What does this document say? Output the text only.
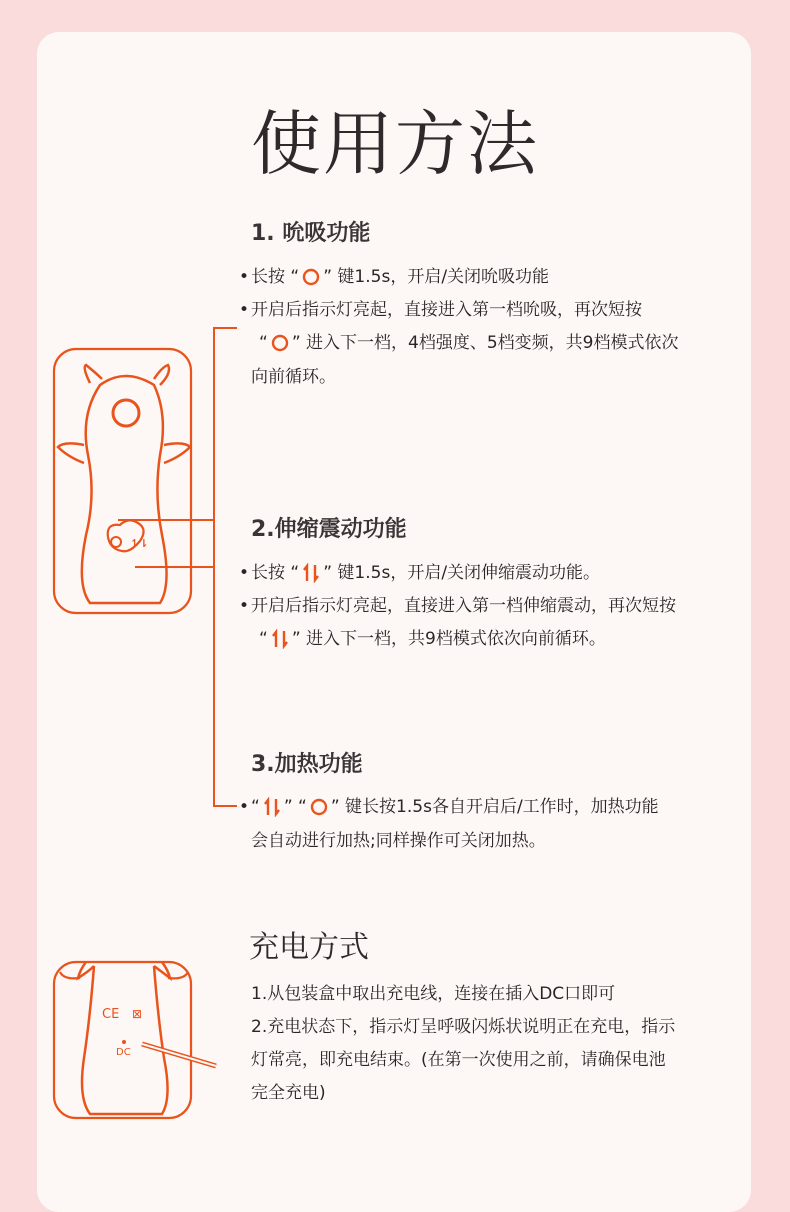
使用方法
↿⇂
1. 吮吸功能
• 长按 “ ” 键1.5s，开启/关闭吮吸功能
• 开启后指示灯亮起，直接进入第一档吮吸，再次短按
“ ” 进入下一档，4档强度、5档变频，共9档模式依次
向前循环。
2.伸缩震动功能
• 长按 “ ” 键1.5s，开启/关闭伸缩震动功能。
• 开启后指示灯亮起，直接进入第一档伸缩震动，再次短按
“ ” 进入下一档，共9档模式依次向前循环。
3.加热功能
• “ ” “ ” 键长按1.5s各自开启后/工作时，加热功能
会自动进行加热;同样操作可关闭加热。
充电方式
CE ⊠
DC
1.从包装盒中取出充电线，连接在插入DC口即可
2.充电状态下，指示灯呈呼吸闪烁状说明正在充电，指示
灯常亮，即充电结束。(在第一次使用之前，请确保电池
完全充电)
